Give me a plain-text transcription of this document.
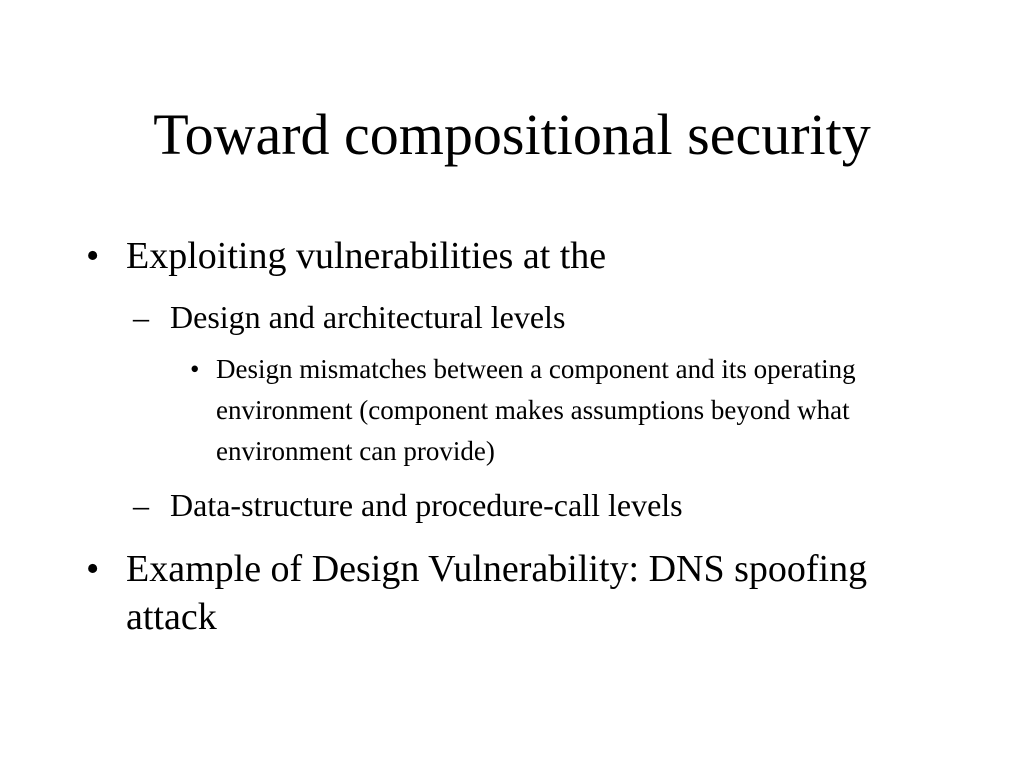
Toward compositional security
• Exploiting vulnerabilities at the
– Design and architectural levels
• Design mismatches between a component and its operating environment (component makes assumptions beyond what environment can provide)
– Data-structure and procedure-call levels
• Example of Design Vulnerability: DNS spoofing attack
